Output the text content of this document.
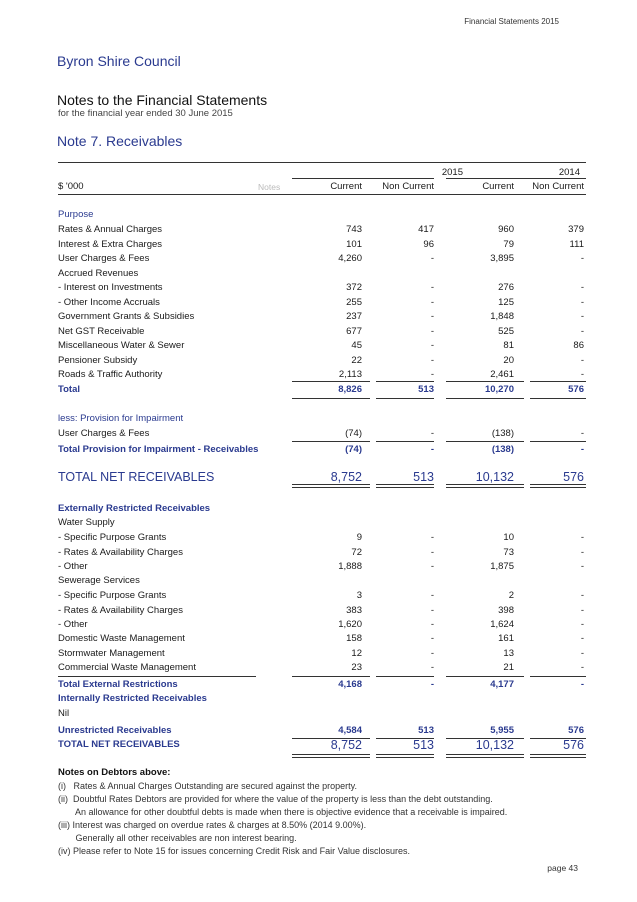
Financial Statements 2015
Byron Shire Council
Notes to the Financial Statements
for the financial year ended 30 June 2015
Note 7. Receivables
2015	2014
$ '000	Notes	Current	Non Current	Current	Non Current
Purpose
Rates & Annual Charges	743	417	960	379
Interest & Extra Charges	101	96	79	111
User Charges & Fees	4,260	-	3,895	-
Accrued Revenues
- Interest on Investments	372	-	276	-
- Other Income Accruals	255	-	125	-
Government Grants & Subsidies	237	-	1,848	-
Net GST Receivable	677	-	525	-
Miscellaneous Water & Sewer	45	-	81	86
Pensioner Subsidy	22	-	20	-
Roads & Traffic Authority	2,113	-	2,461	-
Total	8,826	513	10,270	576
less: Provision for Impairment
User Charges & Fees	(74)	-	(138)	-
Total Provision for Impairment - Receivables	(74)	-	(138)	-
TOTAL NET RECEIVABLES	8,752	513	10,132	576
Externally Restricted Receivables
Water Supply
- Specific Purpose Grants	9	-	10	-
- Rates & Availability Charges	72	-	73	-
- Other	1,888	-	1,875	-
Sewerage Services
- Specific Purpose Grants	3	-	2	-
- Rates & Availability Charges	383	-	398	-
- Other	1,620	-	1,624	-
Domestic Waste Management	158	-	161	-
Stormwater Management	12	-	13	-
Commercial Waste Management	23	-	21	-
Total External Restrictions	4,168	-	4,177	-
Internally Restricted Receivables
Nil
Unrestricted Receivables	4,584	513	5,955	576
TOTAL NET RECEIVABLES	8,752	513	10,132	576
Notes on Debtors above:
(i)   Rates & Annual Charges Outstanding are secured against the property.
(ii)  Doubtful Rates Debtors are provided for where the value of the property is less than the debt outstanding.
An allowance for other doubtful debts is made when there is objective evidence that a receivable is impaired.
(iii) Interest was charged on overdue rates & charges at 8.50% (2014 9.00%).
Generally all other receivables are non interest bearing.
(iv) Please refer to Note 15 for issues concerning Credit Risk and Fair Value disclosures.
page 43
